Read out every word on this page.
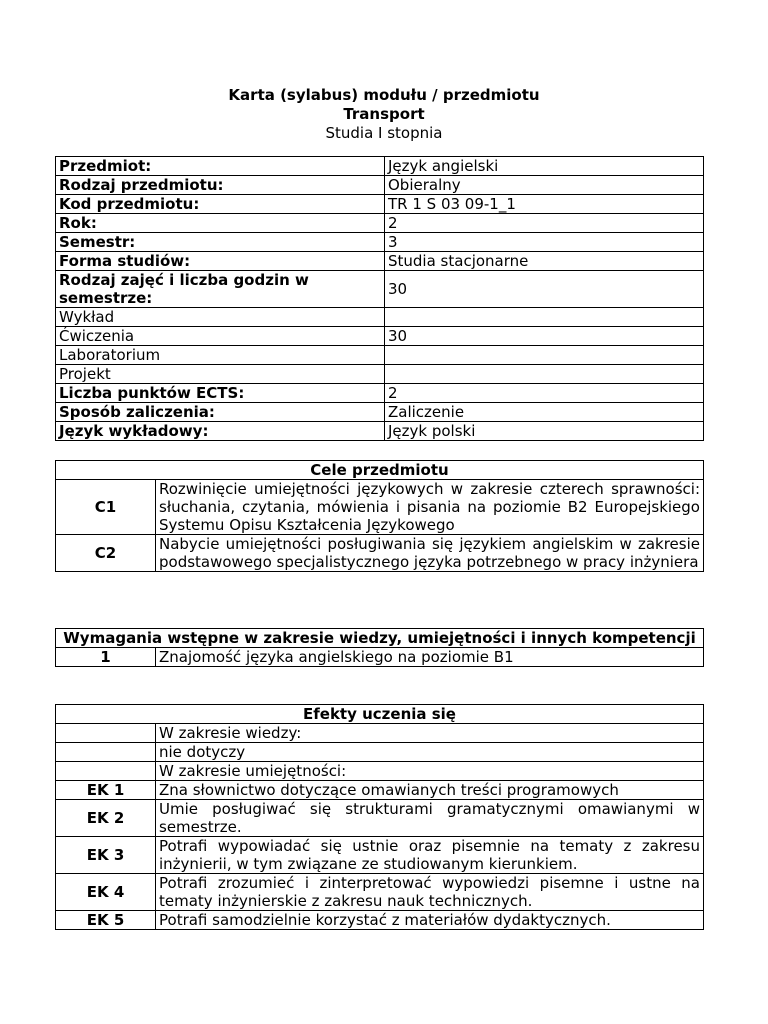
Karta (sylabus) modułu / przedmiotu
Transport
Studia I stopnia
Przedmiot:	Język angielski
Rodzaj przedmiotu:	Obieralny
Kod przedmiotu:	TR 1 S 03 09-1_1
Rok:	2
Semestr:	3
Forma studiów:	Studia stacjonarne
Rodzaj zajęć i liczba godzin w semestrze:	30
Wykład	
Ćwiczenia	30
Laboratorium	
Projekt	
Liczba punktów ECTS:	2
Sposób zaliczenia:	Zaliczenie
Język wykładowy:	Język polski
Cele przedmiotu	
C1	Rozwinięcie umiejętności językowych w zakresie czterech sprawności: słuchania, czytania, mówienia i pisania na poziomie B2 Europejskiego Systemu Opisu Kształcenia Językowego
C2	Nabycie umiejętności posługiwania się językiem angielskim w zakresie podstawowego specjalistycznego języka potrzebnego w pracy inżyniera
Wymagania wstępne w zakresie wiedzy, umiejętności i innych kompetencji
1	Znajomość języka angielskiego na poziomie B1
Efekty uczenia się	
	W zakresie wiedzy:
	nie dotyczy
	W zakresie umiejętności:
EK 1	Zna słownictwo dotyczące omawianych treści programowych
EK 2	Umie posługiwać się strukturami gramatycznymi omawianymi w semestrze.
EK 3	Potrafi wypowiadać się ustnie oraz pisemnie na tematy z zakresu inżynierii, w tym związane ze studiowanym kierunkiem.
EK 4	Potrafi zrozumieć i zinterpretować wypowiedzi pisemne i ustne na tematy inżynierskie z zakresu nauk technicznych.
EK 5	Potrafi samodzielnie korzystać z materiałów dydaktycznych.
